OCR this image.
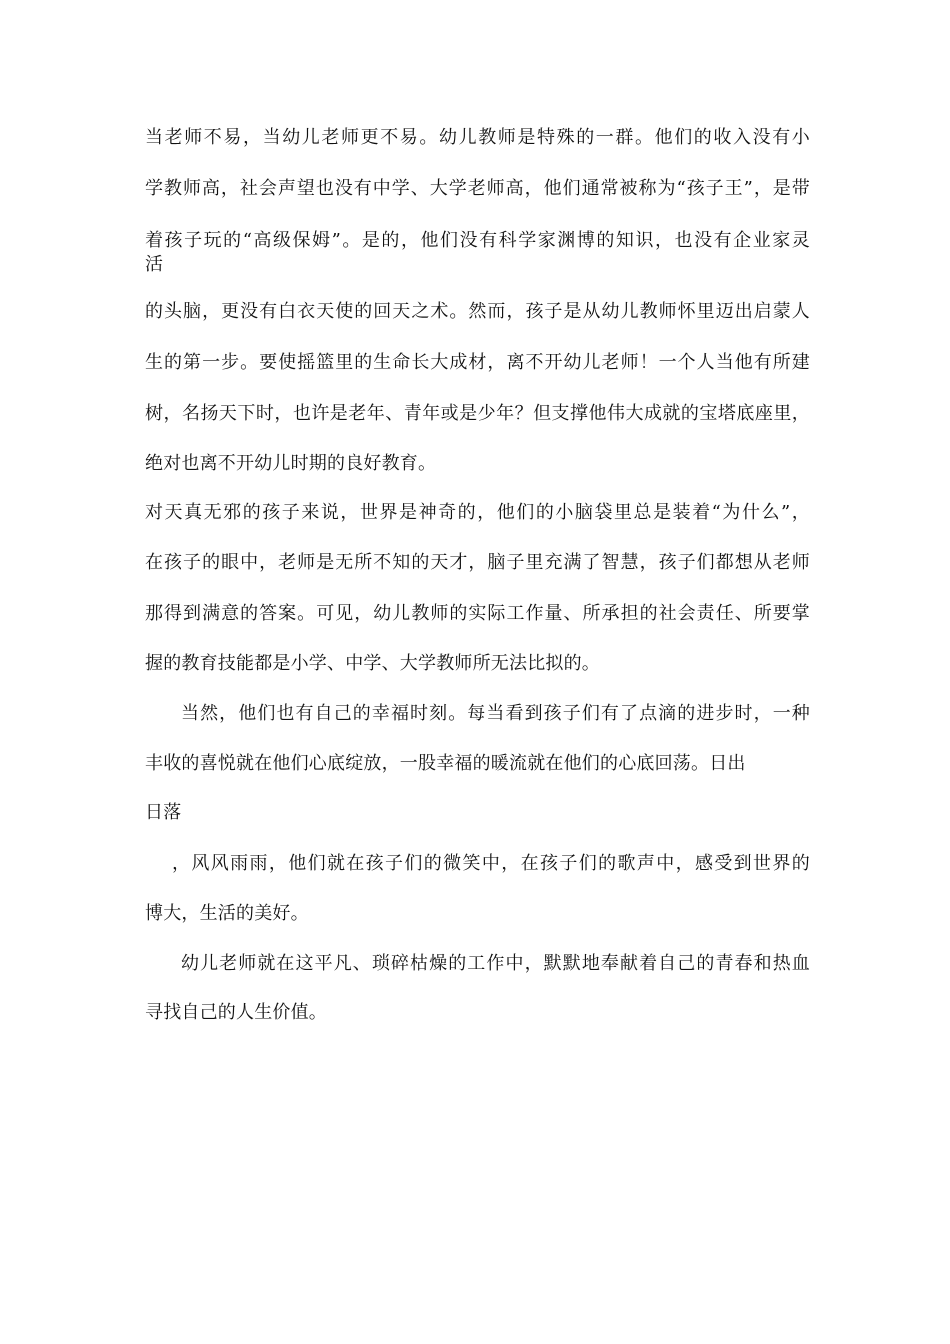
当老师不易，当幼儿老师更不易。幼儿教师是特殊的一群。他们的收入没有小
学教师高，社会声望也没有中学、大学老师高，他们通常被称为“孩子王”，是带
着孩子玩的“高级保姆”。是的，他们没有科学家渊博的知识，也没有企业家灵
活
的头脑，更没有白衣天使的回天之术。然而，孩子是从幼儿教师怀里迈出启蒙人
生的第一步。要使摇篮里的生命长大成材，离不开幼儿老师！一个人当他有所建
树，名扬天下时，也许是老年、青年或是少年？但支撑他伟大成就的宝塔底座里，
绝对也离不开幼儿时期的良好教育。
对天真无邪的孩子来说，世界是神奇的，他们的小脑袋里总是装着“为什么”，
在孩子的眼中，老师是无所不知的天才，脑子里充满了智慧，孩子们都想从老师
那得到满意的答案。可见，幼儿教师的实际工作量、所承担的社会责任、所要掌
握的教育技能都是小学、中学、大学教师所无法比拟的。
当然，他们也有自己的幸福时刻。每当看到孩子们有了点滴的进步时，一种
丰收的喜悦就在他们心底绽放，一股幸福的暖流就在他们的心底回荡。日出
日落
，风风雨雨，他们就在孩子们的微笑中，在孩子们的歌声中，感受到世界的
博大，生活的美好。
幼儿老师就在这平凡、琐碎枯燥的工作中，默默地奉献着自己的青春和热血
寻找自己的人生价值。
